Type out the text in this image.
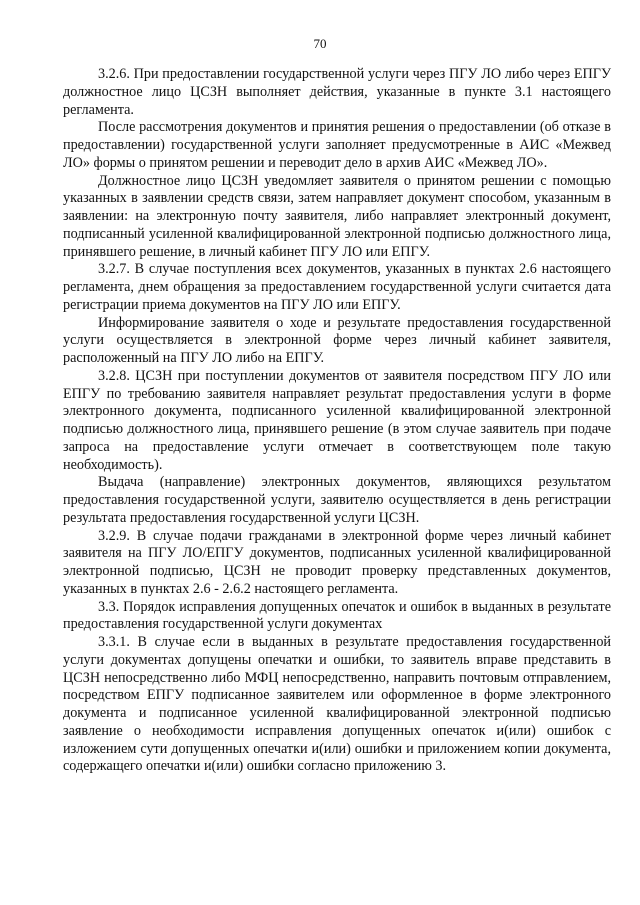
70

3.2.6. При предоставлении государственной услуги через ПГУ ЛО либо через ЕПГУ должностное лицо ЦСЗН выполняет действия, указанные в пункте 3.1 настоящего регламента.

После рассмотрения документов и принятия решения о предоставлении (об отказе в предоставлении) государственной услуги заполняет предусмотренные в АИС «Межвед ЛО» формы о принятом решении и переводит дело в архив АИС «Межвед ЛО».

Должностное лицо ЦСЗН уведомляет заявителя о принятом решении с помощью указанных в заявлении средств связи, затем направляет документ способом, указанным в заявлении: на электронную почту заявителя, либо направляет электронный документ, подписанный усиленной квалифицированной электронной подписью должностного лица, принявшего решение, в личный кабинет ПГУ ЛО или ЕПГУ.

3.2.7. В случае поступления всех документов, указанных в пунктах 2.6 настоящего регламента, днем обращения за предоставлением государственной услуги считается дата регистрации приема документов на ПГУ ЛО или ЕПГУ.

Информирование заявителя о ходе и результате предоставления государственной услуги осуществляется в электронной форме через личный кабинет заявителя, расположенный на ПГУ ЛО либо на ЕПГУ.

3.2.8. ЦСЗН при поступлении документов от заявителя посредством ПГУ ЛО или ЕПГУ по требованию заявителя направляет результат предоставления услуги в форме электронного документа, подписанного усиленной квалифицированной электронной подписью должностного лица, принявшего решение (в этом случае заявитель при подаче запроса на предоставление услуги отмечает в соответствующем поле такую необходимость).

Выдача (направление) электронных документов, являющихся результатом предоставления государственной услуги, заявителю осуществляется в день регистрации результата предоставления государственной услуги ЦСЗН.

3.2.9. В случае подачи гражданами в электронной форме через личный кабинет заявителя на ПГУ ЛО/ЕПГУ документов, подписанных усиленной квалифицированной электронной подписью, ЦСЗН не проводит проверку представленных документов, указанных в пунктах 2.6 - 2.6.2 настоящего регламента.

3.3. Порядок исправления допущенных опечаток и ошибок в выданных в результате предоставления государственной услуги документах

3.3.1. В случае если в выданных в результате предоставления государственной услуги документах допущены опечатки и ошибки, то заявитель вправе представить в ЦСЗН непосредственно либо МФЦ непосредственно, направить почтовым отправлением, посредством ЕПГУ подписанное заявителем или оформленное в форме электронного документа и подписанное усиленной квалифицированной электронной подписью заявление о необходимости исправления допущенных опечаток и(или) ошибок с изложением сути допущенных опечатки и(или) ошибки и приложением копии документа, содержащего опечатки и(или) ошибки согласно приложению 3.
